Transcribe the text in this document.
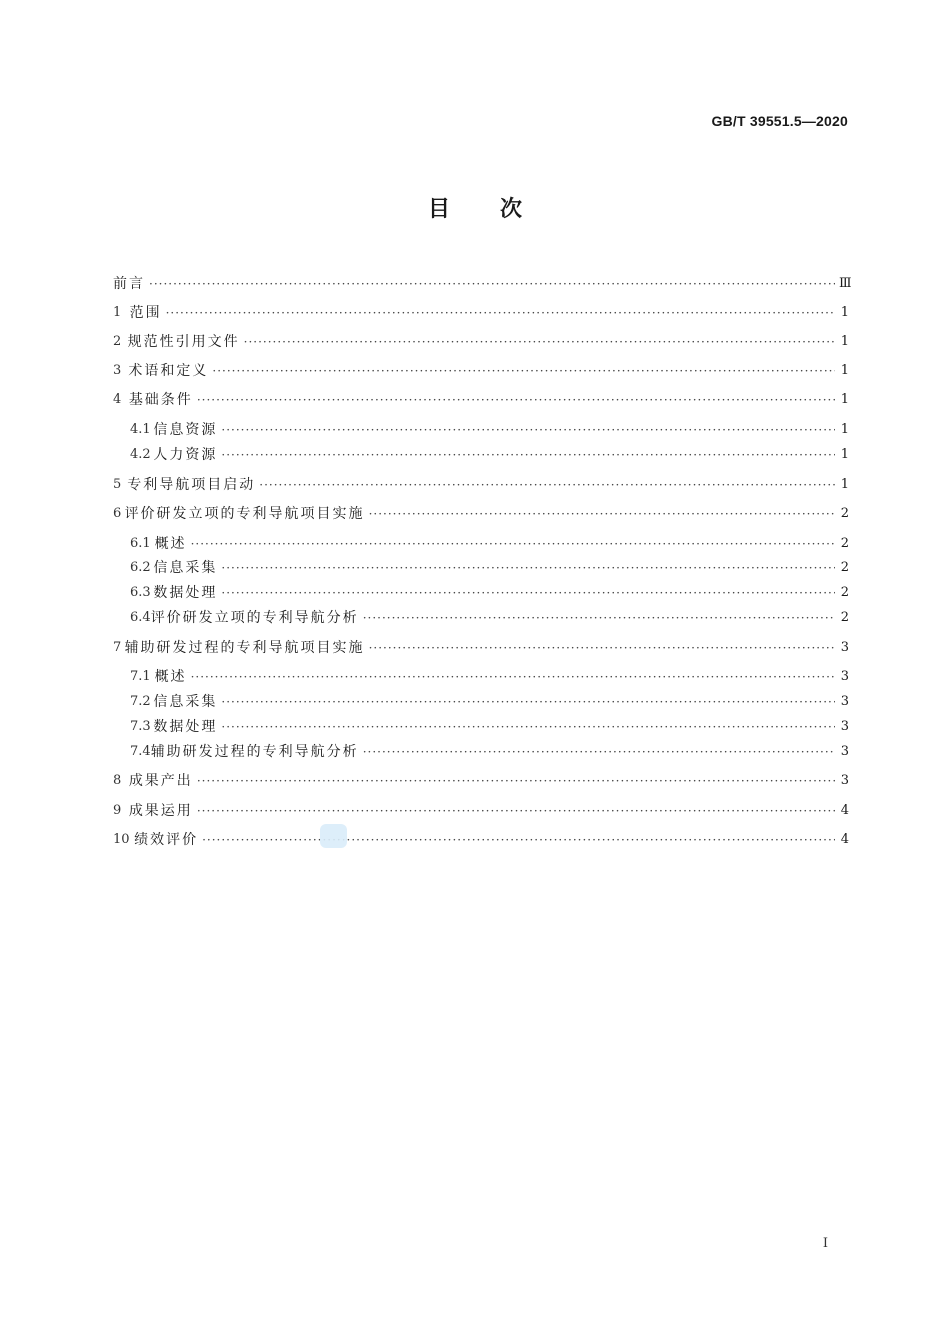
GB/T 39551.5—2020
目次
前言 ·····	Ⅲ
1 范围 ·····	1
2 规范性引用文件 ·····	1
3 术语和定义 ·····	1
4 基础条件 ·····	1
4.1 信息资源 ·····	1
4.2 人力资源 ·····	1
5 专利导航项目启动 ·····	1
6 评价研发立项的专利导航项目实施 ·····	2
6.1 概述 ·····	2
6.2 信息采集 ·····	2
6.3 数据处理 ·····	2
6.4 评价研发立项的专利导航分析 ·····	2
7 辅助研发过程的专利导航项目实施 ·····	3
7.1 概述 ·····	3
7.2 信息采集 ·····	3
7.3 数据处理 ·····	3
7.4 辅助研发过程的专利导航分析 ·····	3
8 成果产出 ·····	3
9 成果运用 ·····	4
10 绩效评价 ·····	4
I
